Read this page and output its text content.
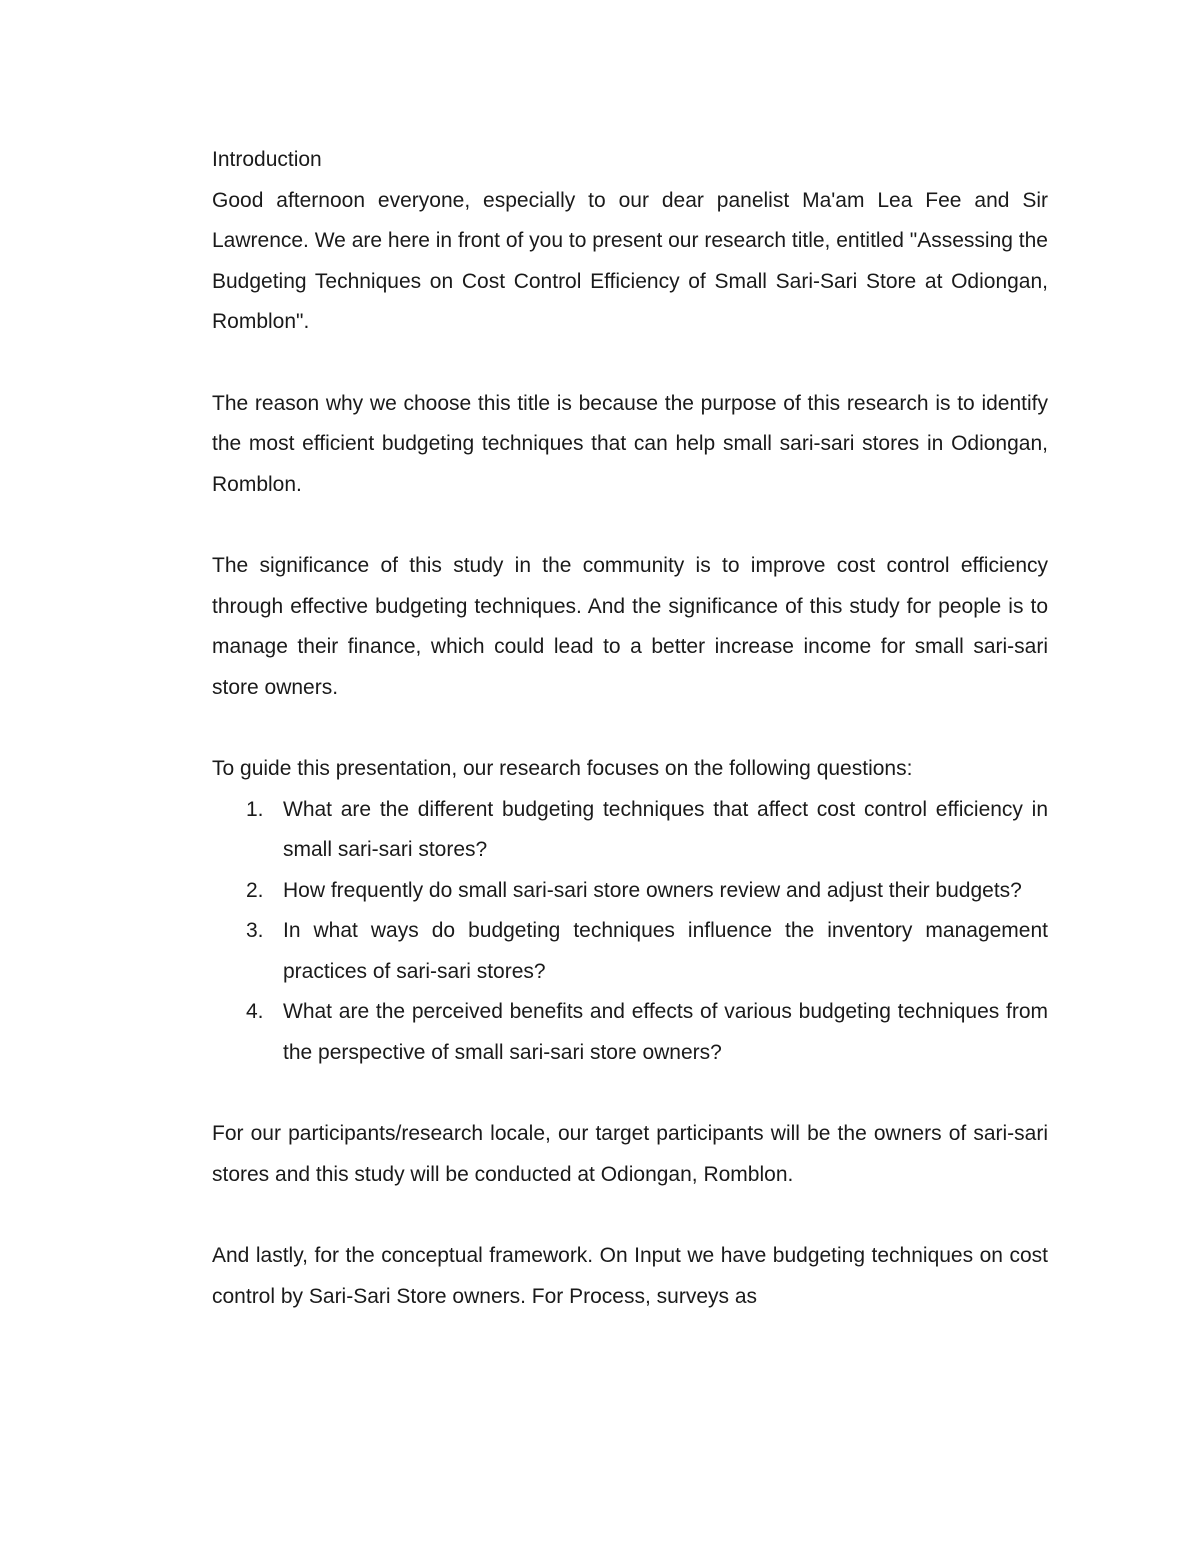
Introduction

Good afternoon everyone, especially to our dear panelist Ma'am Lea Fee and Sir Lawrence. We are here in front of you to present our research title, entitled "Assessing the Budgeting Techniques on Cost Control Efficiency of Small Sari-Sari Store at Odiongan, Romblon".

The reason why we choose this title is because the purpose of this research is to identify the most efficient budgeting techniques that can help small sari-sari stores in Odiongan, Romblon.

The significance of this study in the community is to improve cost control efficiency through effective budgeting techniques. And the significance of this study for people is to manage their finance, which could lead to a better increase income for small sari-sari store owners.

To guide this presentation, our research focuses on the following questions:

1. What are the different budgeting techniques that affect cost control efficiency in small sari-sari stores?
2. How frequently do small sari-sari store owners review and adjust their budgets?
3. In what ways do budgeting techniques influence the inventory management practices of sari-sari stores?
4. What are the perceived benefits and effects of various budgeting techniques from the perspective of small sari-sari store owners?

For our participants/research locale, our target participants will be the owners of sari-sari stores and this study will be conducted at Odiongan, Romblon.

And lastly, for the conceptual framework. On Input we have budgeting techniques on cost control by Sari-Sari Store owners. For Process, surveys as
